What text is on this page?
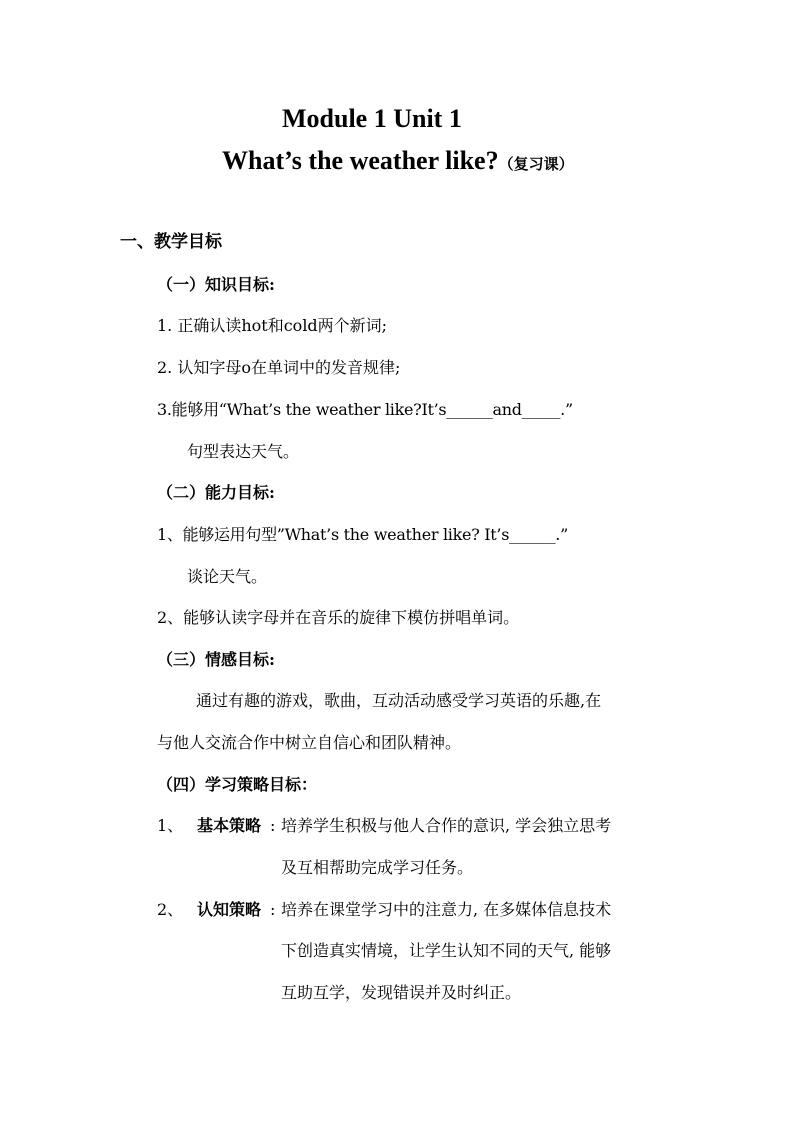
Module 1 Unit 1
What’s the weather like?（复习课）
一、教学目标
（一）知识目标:
1. 正确认读hot和cold两个新词;
2. 认知字母o在单词中的发音规律;
3.能够用“What’s the weather like?It’s______and_____.”
句型表达天气。
（二）能力目标:
1、能够运用句型”What’s the weather like? It’s______.”
谈论天气。
2、能够认读字母并在音乐的旋律下模仿拼唱单词。
（三）情感目标:
通过有趣的游戏，歌曲，互动活动感受学习英语的乐趣,在
与他人交流合作中树立自信心和团队精神。
（四）学习策略目标：
1、 基本策略 : 培养学生积极与他人合作的意识, 学会独立思考
及互相帮助完成学习任务。
2、 认知策略 : 培养在课堂学习中的注意力, 在多媒体信息技术
下创造真实情境，让学生认知不同的天气, 能够
互助互学，发现错误并及时纠正。
